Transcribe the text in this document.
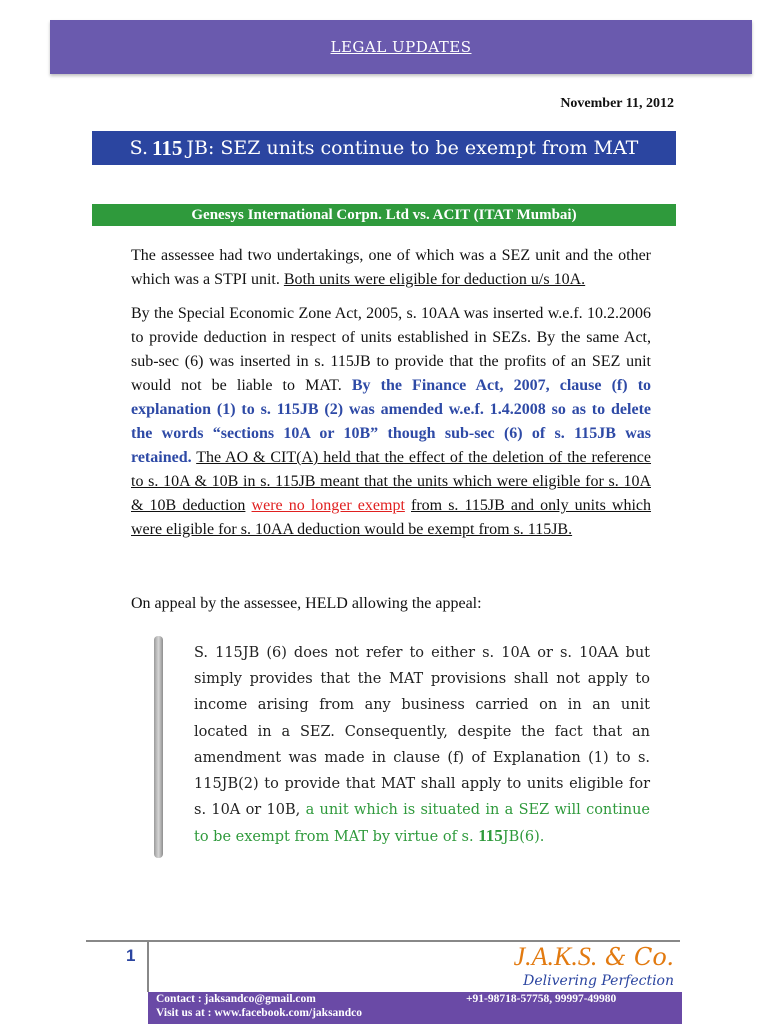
LEGAL UPDATES
November 11, 2012
S. 115 JB: SEZ units continue to be exempt from MAT
Genesys International Corpn. Ltd vs. ACIT (ITAT Mumbai)

The assessee had two undertakings, one of which was a SEZ unit and the other which was a STPI unit. Both units were eligible for deduction u/s 10A.

By the Special Economic Zone Act, 2005, s. 10AA was inserted w.e.f. 10.2.2006 to provide deduction in respect of units established in SEZs. By the same Act, sub-sec (6) was inserted in s. 115JB to provide that the profits of an SEZ unit would not be liable to MAT. By the Finance Act, 2007, clause (f) to explanation (1) to s. 115JB (2) was amended w.e.f. 1.4.2008 so as to delete the words “sections 10A or 10B” though sub-sec (6) of s. 115JB was retained. The AO & CIT(A) held that the effect of the deletion of the reference to s. 10A & 10B in s. 115JB meant that the units which were eligible for s. 10A & 10B deduction were no longer exempt from s. 115JB and only units which were eligible for s. 10AA deduction would be exempt from s. 115JB.

On appeal by the assessee, HELD allowing the appeal:

S. 115JB (6) does not refer to either s. 10A or s. 10AA but simply provides that the MAT provisions shall not apply to income arising from any business carried on in an unit located in a SEZ. Consequently, despite the fact that an amendment was made in clause (f) of Explanation (1) to s. 115JB(2) to provide that MAT shall apply to units eligible for s. 10A or 10B, a unit which is situated in a SEZ will continue to be exempt from MAT by virtue of s. 115JB(6).

1	J.A.K.S. & Co.
Delivering Perfection
Contact : jaksandco@gmail.com	+91-98718-57758, 99997-49980
Visit us at : www.facebook.com/jaksandco
